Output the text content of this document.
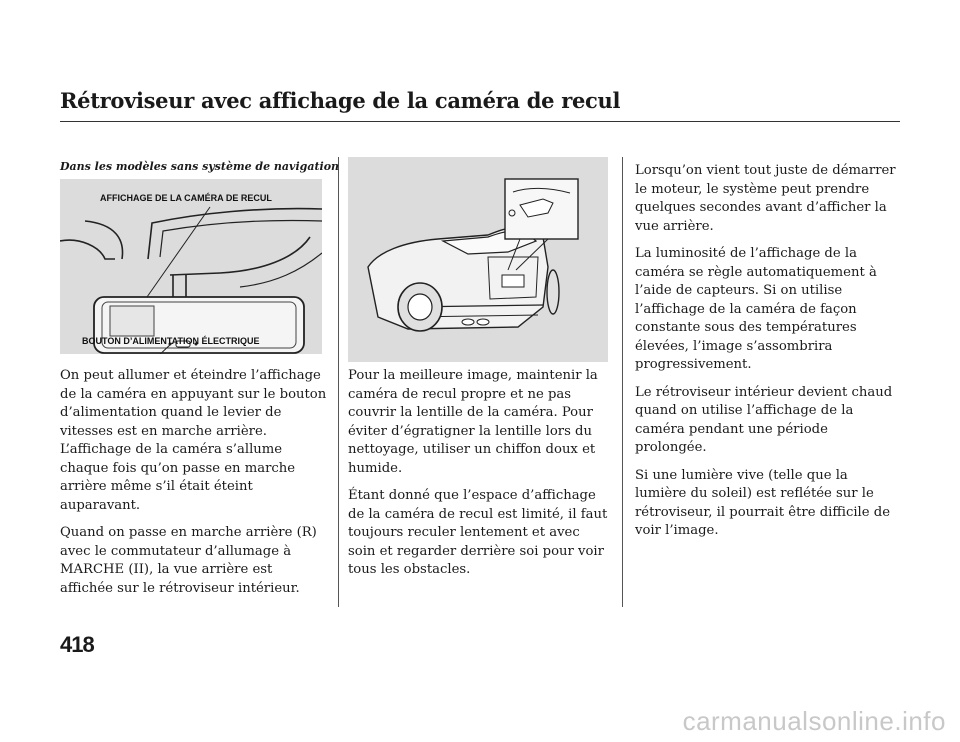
Rétroviseur avec affichage de la caméra de recul
Dans les modèles sans système de navigation
AFFICHAGE DE LA CAMÉRA DE RECUL
BOUTON D’ALIMENTATION ÉLECTRIQUE

On peut allumer et éteindre l’affichage de la caméra en appuyant sur le bouton d’alimentation quand le levier de vitesses est en marche arrière.
L’affichage de la caméra s’allume chaque fois qu’on passe en marche arrière même s’il était éteint auparavant.

Quand on passe en marche arrière (R) avec le commutateur d’allumage à MARCHE (II), la vue arrière est affichée sur le rétroviseur intérieur.

Pour la meilleure image, maintenir la caméra de recul propre et ne pas couvrir la lentille de la caméra. Pour éviter d’égratigner la lentille lors du nettoyage, utiliser un chiffon doux et humide.

Étant donné que l’espace d’affichage de la caméra de recul est limité, il faut toujours reculer lentement et avec soin et regarder derrière soi pour voir tous les obstacles.

Lorsqu’on vient tout juste de démarrer le moteur, le système peut prendre quelques secondes avant d’afficher la vue arrière.

La luminosité de l’affichage de la caméra se règle automatiquement à l’aide de capteurs. Si on utilise l’affichage de la caméra de façon constante sous des températures élevées, l’image s’assombrira progressivement.

Le rétroviseur intérieur devient chaud quand on utilise l’affichage de la caméra pendant une période prolongée.

Si une lumière vive (telle que la lumière du soleil) est reflétée sur le rétroviseur, il pourrait être difficile de voir l’image.

418
carmanualsonline.info
